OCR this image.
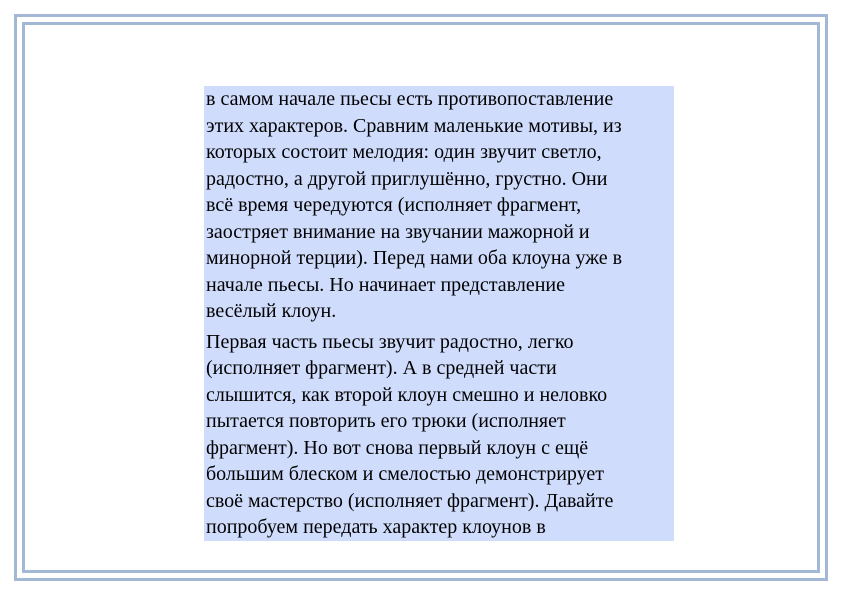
в самом начале пьесы есть противопоставление
этих характеров. Сравним маленькие мотивы, из
которых состоит мелодия: один звучит светло,
радостно, а другой приглушённо, грустно. Они
всё время чередуются (исполняет фрагмент,
заостряет внимание на звучании мажорной и
минорной терции). Перед нами оба клоуна уже в
начале пьесы. Но начинает представление
весёлый клоун.

Первая часть пьесы звучит радостно, легко
(исполняет фрагмент). А в средней части
слышится, как второй клоун смешно и неловко
пытается повторить его трюки (исполняет
фрагмент). Но вот снова первый клоун с ещё
большим блеском и смелостью демонстрирует
своё мастерство (исполняет фрагмент). Давайте
попробуем передать характер клоунов в
